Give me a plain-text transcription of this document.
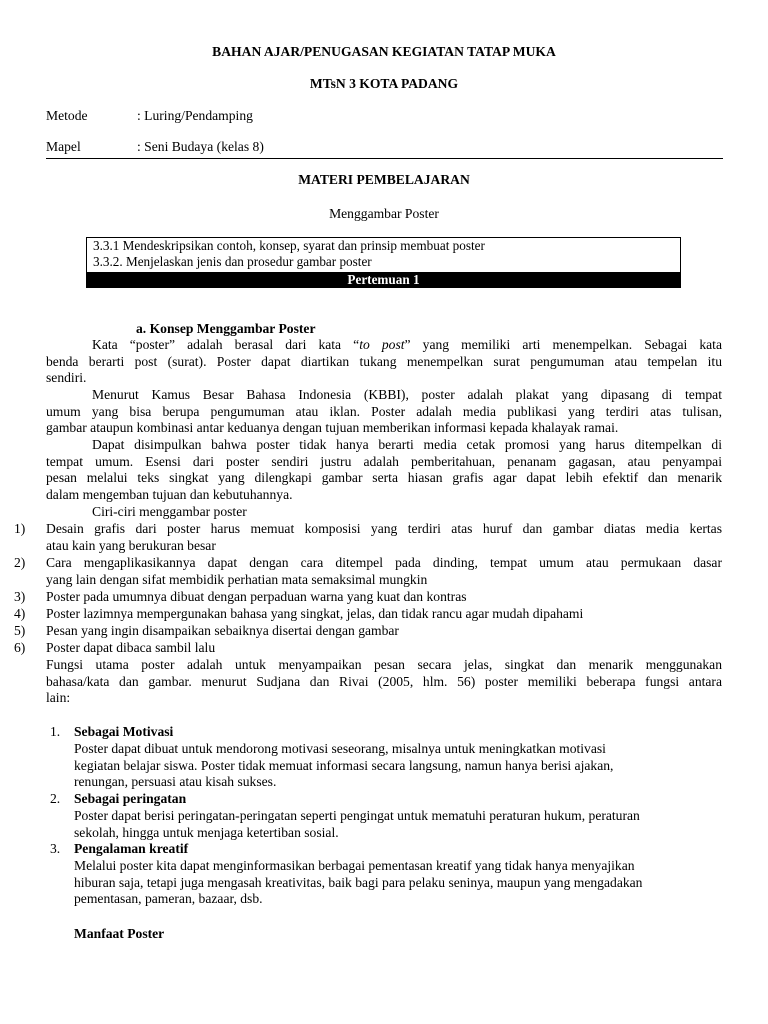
BAHAN AJAR/PENUGASAN KEGIATAN TATAP MUKA
MTsN 3 KOTA PADANG
Metode	: Luring/Pendamping
Mapel	: Seni Budaya (kelas 8)
MATERI PEMBELAJARAN
Menggambar Poster
3.3.1 Mendeskripsikan contoh, konsep, syarat dan prinsip membuat poster
3.3.2. Menjelaskan jenis dan prosedur gambar poster
Pertemuan 1
a. Konsep Menggambar Poster
Kata “poster” adalah berasal dari kata “to post” yang memiliki arti menempelkan. Sebagai kata
benda berarti post (surat). Poster dapat diartikan tukang menempelkan surat pengumuman atau tempelan itu
sendiri.
Menurut Kamus Besar Bahasa Indonesia (KBBI), poster adalah plakat yang dipasang di tempat
umum yang bisa berupa pengumuman atau iklan. Poster adalah media publikasi yang terdiri atas tulisan,
gambar ataupun kombinasi antar keduanya dengan tujuan memberikan informasi kepada khalayak ramai.
Dapat disimpulkan bahwa poster tidak hanya berarti media cetak promosi yang harus ditempelkan di
tempat umum. Esensi dari poster sendiri justru adalah pemberitahuan, penanam gagasan, atau penyampai
pesan melalui teks singkat yang dilengkapi gambar serta hiasan grafis agar dapat lebih efektif dan menarik
dalam mengemban tujuan dan kebutuhannya.
Ciri-ciri menggambar poster
1)	Desain grafis dari poster harus memuat komposisi yang terdiri atas huruf dan gambar diatas media kertas
atau kain yang berukuran besar
2)	Cara mengaplikasikannya dapat dengan cara ditempel pada dinding, tempat umum atau permukaan dasar
yang lain dengan sifat membidik perhatian mata semaksimal mungkin
3)	Poster pada umumnya dibuat dengan perpaduan warna yang kuat dan kontras
4)	Poster lazimnya mempergunakan bahasa yang singkat, jelas, dan tidak rancu agar mudah dipahami
5)	Pesan yang ingin disampaikan sebaiknya disertai dengan gambar
6)	Poster dapat dibaca sambil lalu
Fungsi utama poster adalah untuk menyampaikan pesan secara jelas, singkat dan menarik menggunakan
bahasa/kata dan gambar. menurut Sudjana dan Rivai (2005, hlm. 56) poster memiliki beberapa fungsi antara
lain:
1. Sebagai Motivasi
Poster dapat dibuat untuk mendorong motivasi seseorang, misalnya untuk meningkatkan motivasi
kegiatan belajar siswa. Poster tidak memuat informasi secara langsung, namun hanya berisi ajakan,
renungan, persuasi atau kisah sukses.
2. Sebagai peringatan
Poster dapat berisi peringatan-peringatan seperti pengingat untuk mematuhi peraturan hukum, peraturan
sekolah, hingga untuk menjaga ketertiban sosial.
3. Pengalaman kreatif
Melalui poster kita dapat menginformasikan berbagai pementasan kreatif yang tidak hanya menyajikan
hiburan saja, tetapi juga mengasah kreativitas, baik bagi para pelaku seninya, maupun yang mengadakan
pementasan, pameran, bazaar, dsb.
Manfaat Poster
